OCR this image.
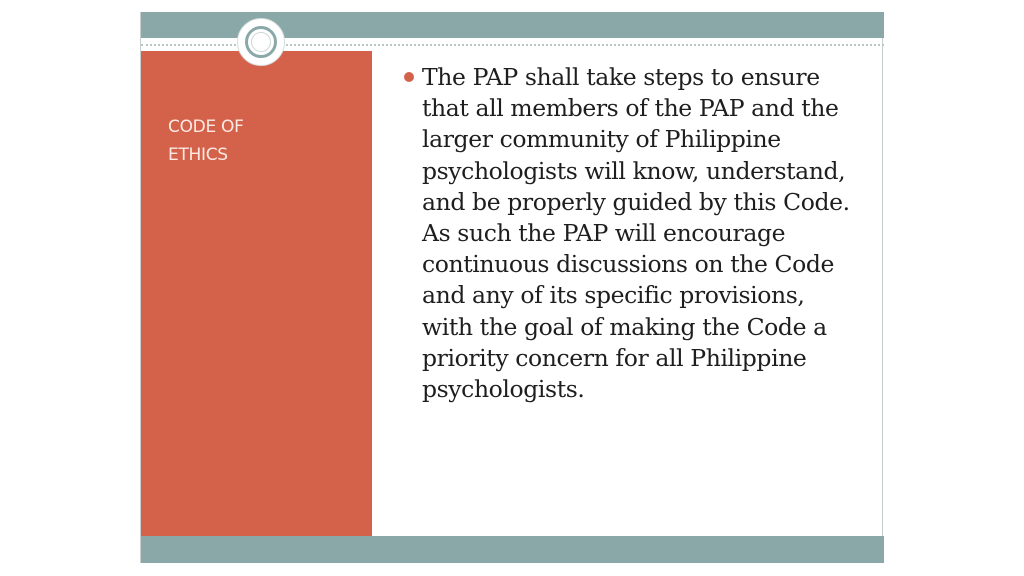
CODE OF
ETHICS
The PAP shall take steps to ensure that all members of the PAP and the larger community of Philippine psychologists will know, understand, and be properly guided by this Code. As such the PAP will encourage continuous discussions on the Code and any of its specific provisions, with the goal of making the Code a priority concern for all Philippine psychologists.
